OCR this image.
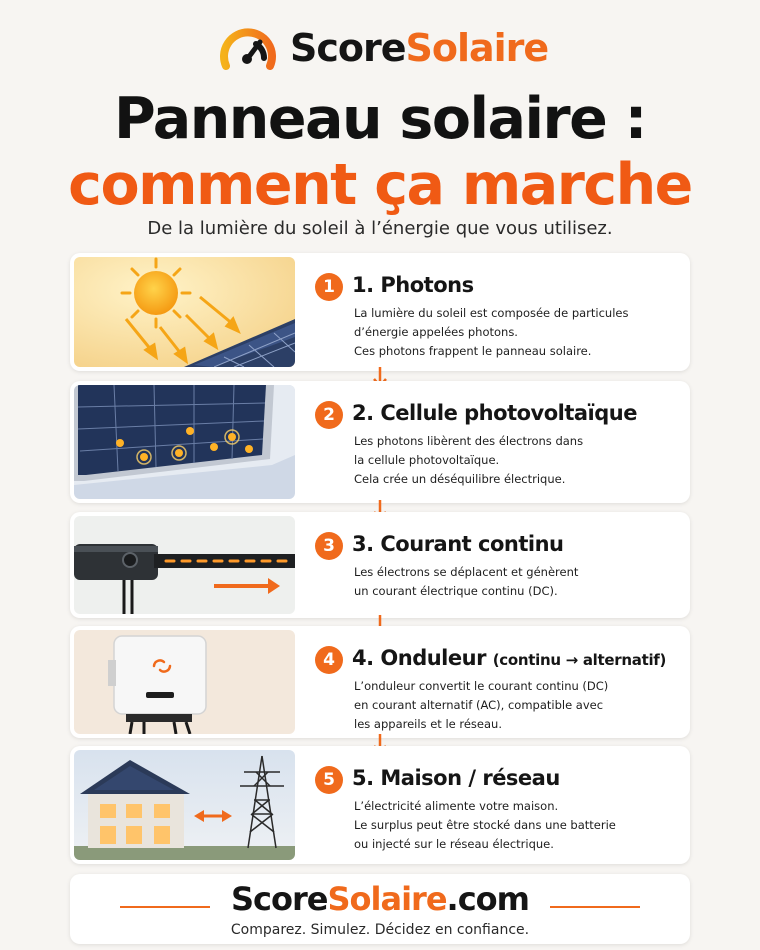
ScoreSolaire
Panneau solaire :
comment ça marche
De la lumière du soleil à l’énergie que vous utilisez.
1 1. Photons
La lumière du soleil est composée de particules
d’énergie appelées photons.
Ces photons frappent le panneau solaire.
2 2. Cellule photovoltaïque
Les photons libèrent des électrons dans
la cellule photovoltaïque.
Cela crée un déséquilibre électrique.
3 3. Courant continu
Les électrons se déplacent et génèrent
un courant électrique continu (DC).
4 4. Onduleur (continu → alternatif)
L’onduleur convertit le courant continu (DC)
en courant alternatif (AC), compatible avec
les appareils et le réseau.
5 5. Maison / réseau
L’électricité alimente votre maison.
Le surplus peut être stocké dans une batterie
ou injecté sur le réseau électrique.
ScoreSolaire.com
Comparez. Simulez. Décidez en confiance.
